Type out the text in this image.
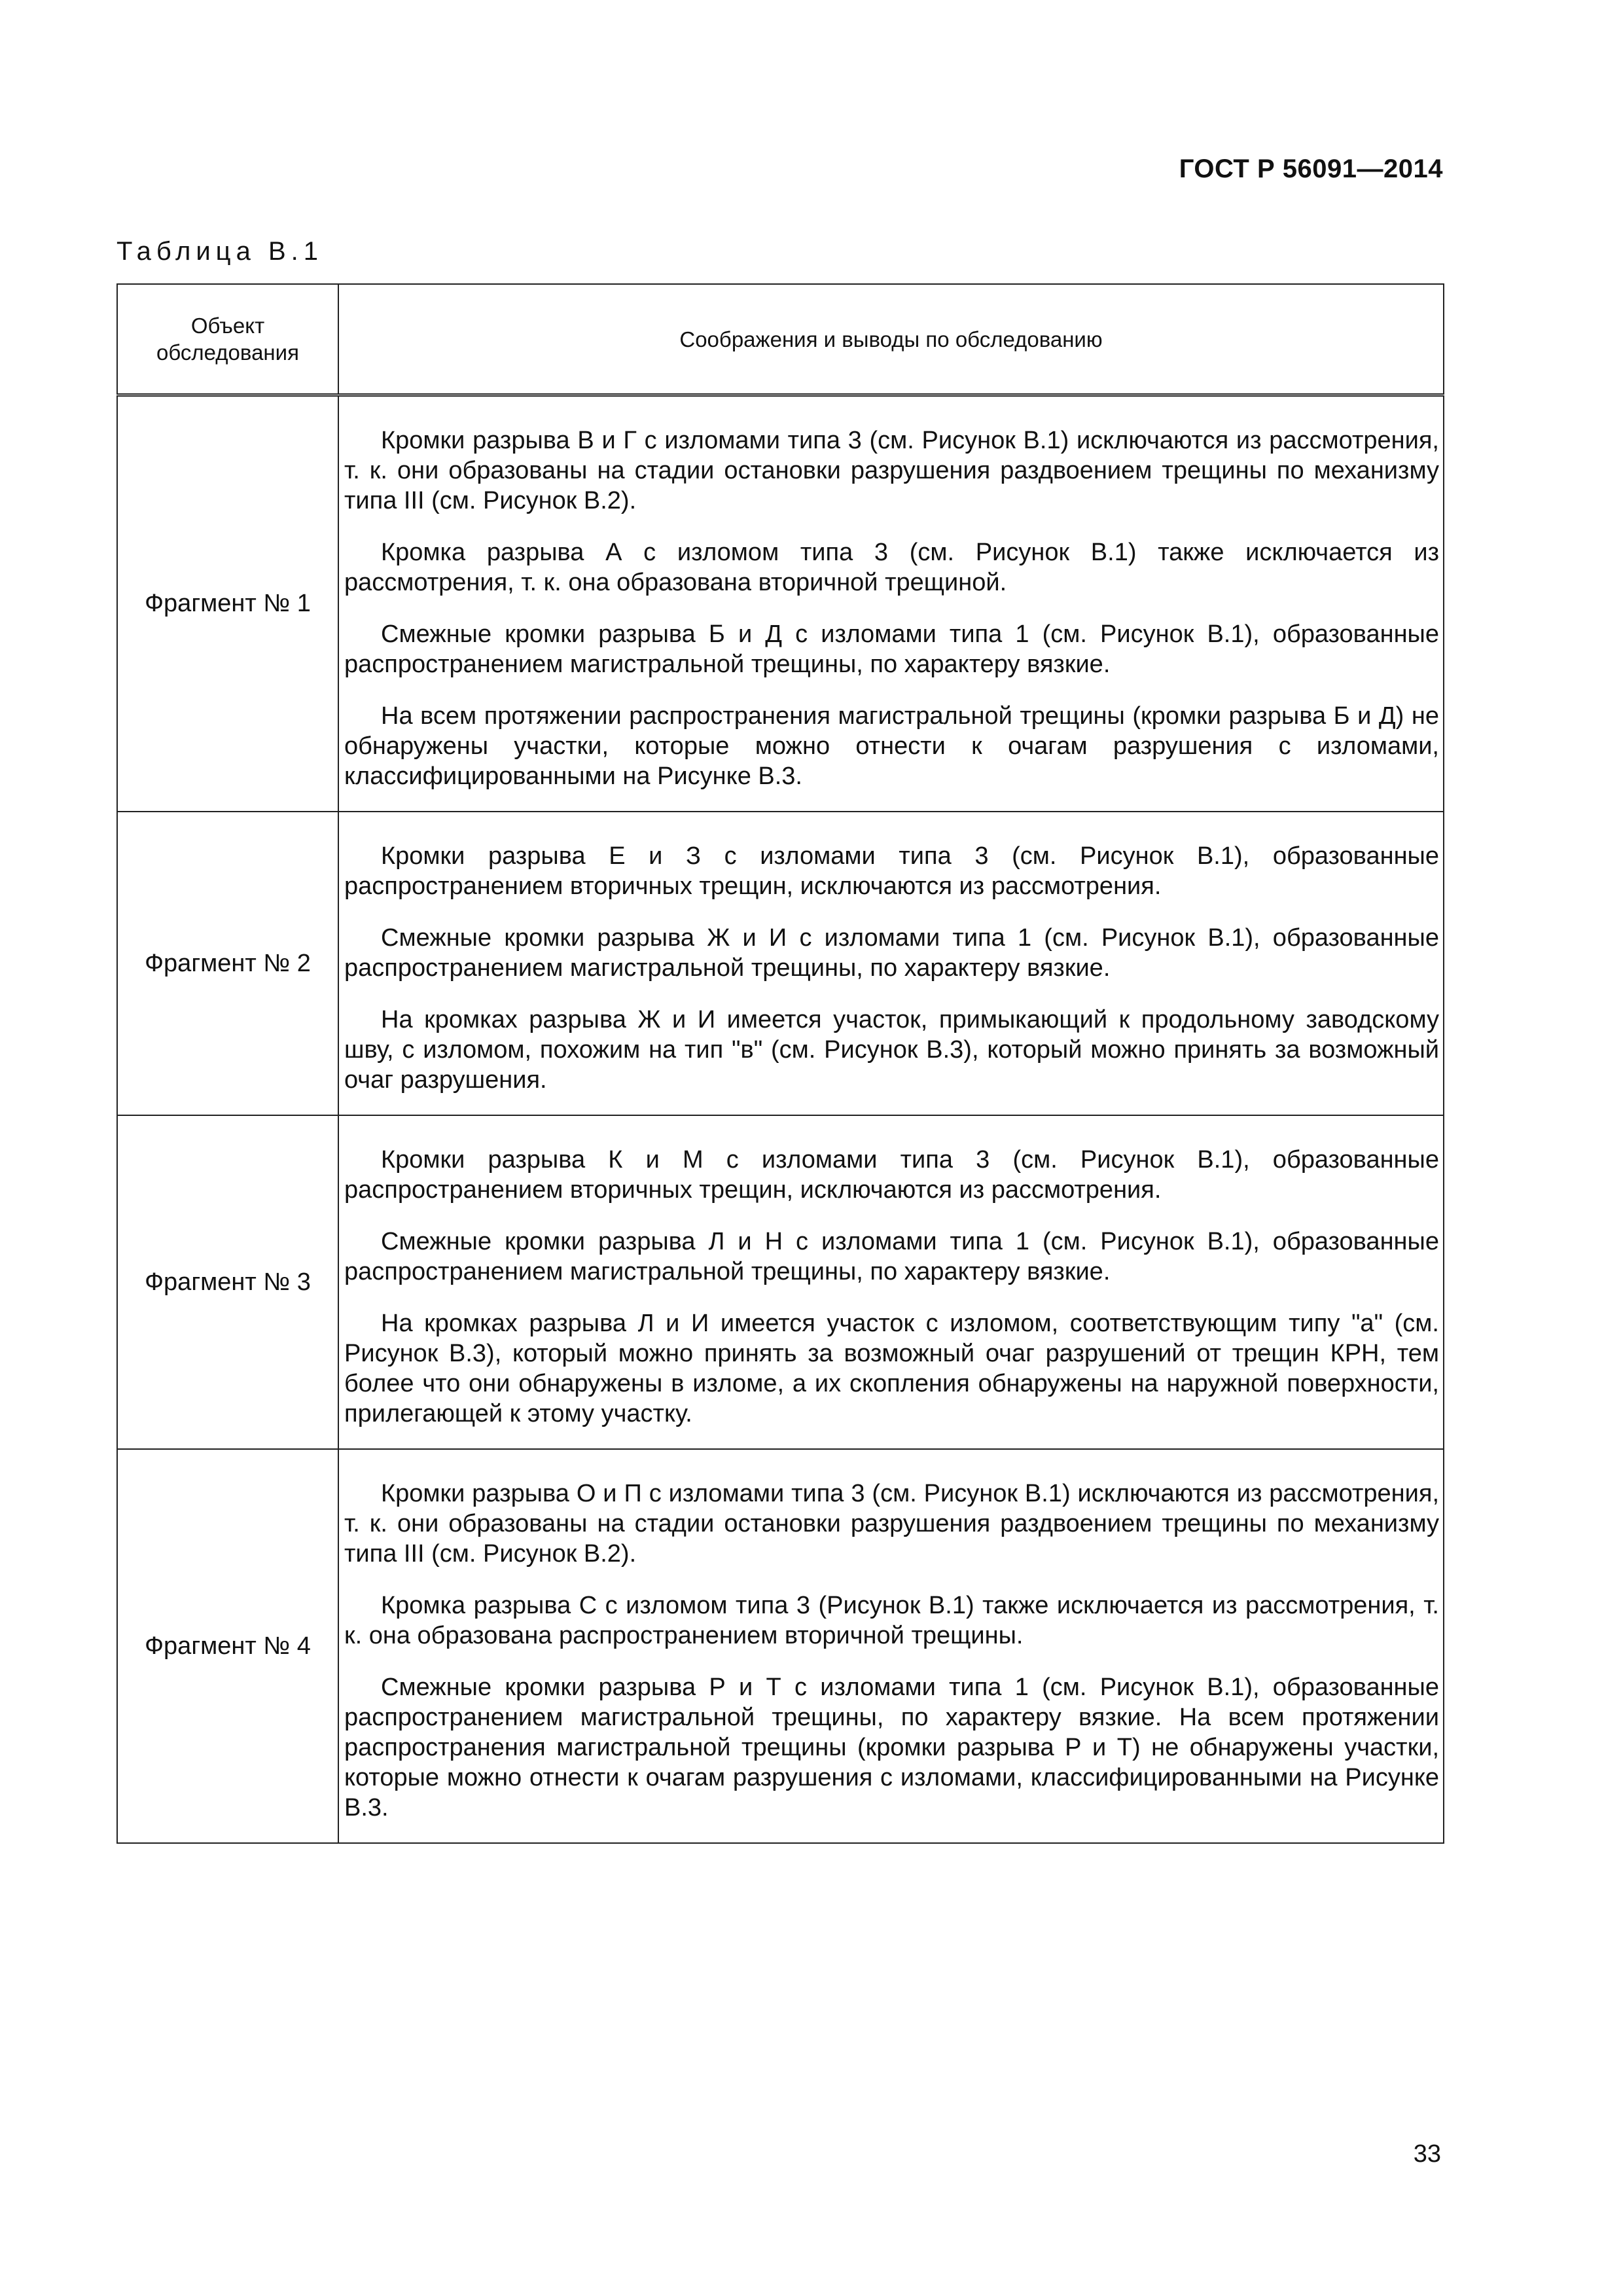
ГОСТ Р 56091—2014
Таблица В.1
Объект обследования	Соображения и выводы по обследованию
Фрагмент № 1	Кромки разрыва В и Г с изломами типа 3 (см. Рисунок В.1) исключаются из рассмотрения, т. к. они образованы на стадии остановки разрушения раздвоением трещины по механизму типа III (см. Рисунок В.2).

Кромка разрыва А с изломом типа 3 (см. Рисунок В.1) также исключается из рассмотрения, т. к. она образована вторичной трещиной.

Смежные кромки разрыва Б и Д с изломами типа 1 (см. Рисунок В.1), образованные распространением магистральной трещины, по характеру вязкие.

На всем протяжении распространения магистральной трещины (кромки разрыва Б и Д) не обнаружены участки, которые можно отнести к очагам разрушения с изломами, классифицированными на Рисунке В.3.

Фрагмент № 2	Кромки разрыва Е и З с изломами типа 3 (см. Рисунок В.1), образованные распространением вторичных трещин, исключаются из рассмотрения.

Смежные кромки разрыва Ж и И с изломами типа 1 (см. Рисунок В.1), образованные распространением магистральной трещины, по характеру вязкие.

На кромках разрыва Ж и И имеется участок, примыкающий к продольному заводскому шву, с изломом, похожим на тип "в" (см. Рисунок В.3), который можно принять за возможный очаг разрушения.

Фрагмент № 3	Кромки разрыва К и М с изломами типа 3 (см. Рисунок В.1), образованные распространением вторичных трещин, исключаются из рассмотрения.

Смежные кромки разрыва Л и Н с изломами типа 1 (см. Рисунок В.1), образованные распространением магистральной трещины, по характеру вязкие.

На кромках разрыва Л и И имеется участок с изломом, соответствующим типу "а" (см. Рисунок В.3), который можно принять за возможный очаг разрушений от трещин КРН, тем более что они обнаружены в изломе, а их скопления обнаружены на наружной поверхности, прилегающей к этому участку.

Фрагмент № 4	Кромки разрыва О и П с изломами типа 3 (см. Рисунок В.1) исключаются из рассмотрения, т. к. они образованы на стадии остановки разрушения раздвоением трещины по механизму типа III (см. Рисунок В.2).

Кромка разрыва С с изломом типа 3 (Рисунок В.1) также исключается из рассмотрения, т. к. она образована распространением вторичной трещины.

Смежные кромки разрыва Р и Т с изломами типа 1 (см. Рисунок В.1), образованные распространением магистральной трещины, по характеру вязкие. На всем протяжении распространения магистральной трещины (кромки разрыва Р и Т) не обнаружены участки, которые можно отнести к очагам разрушения с изломами, классифицированными на Рисунке В.3.

33
